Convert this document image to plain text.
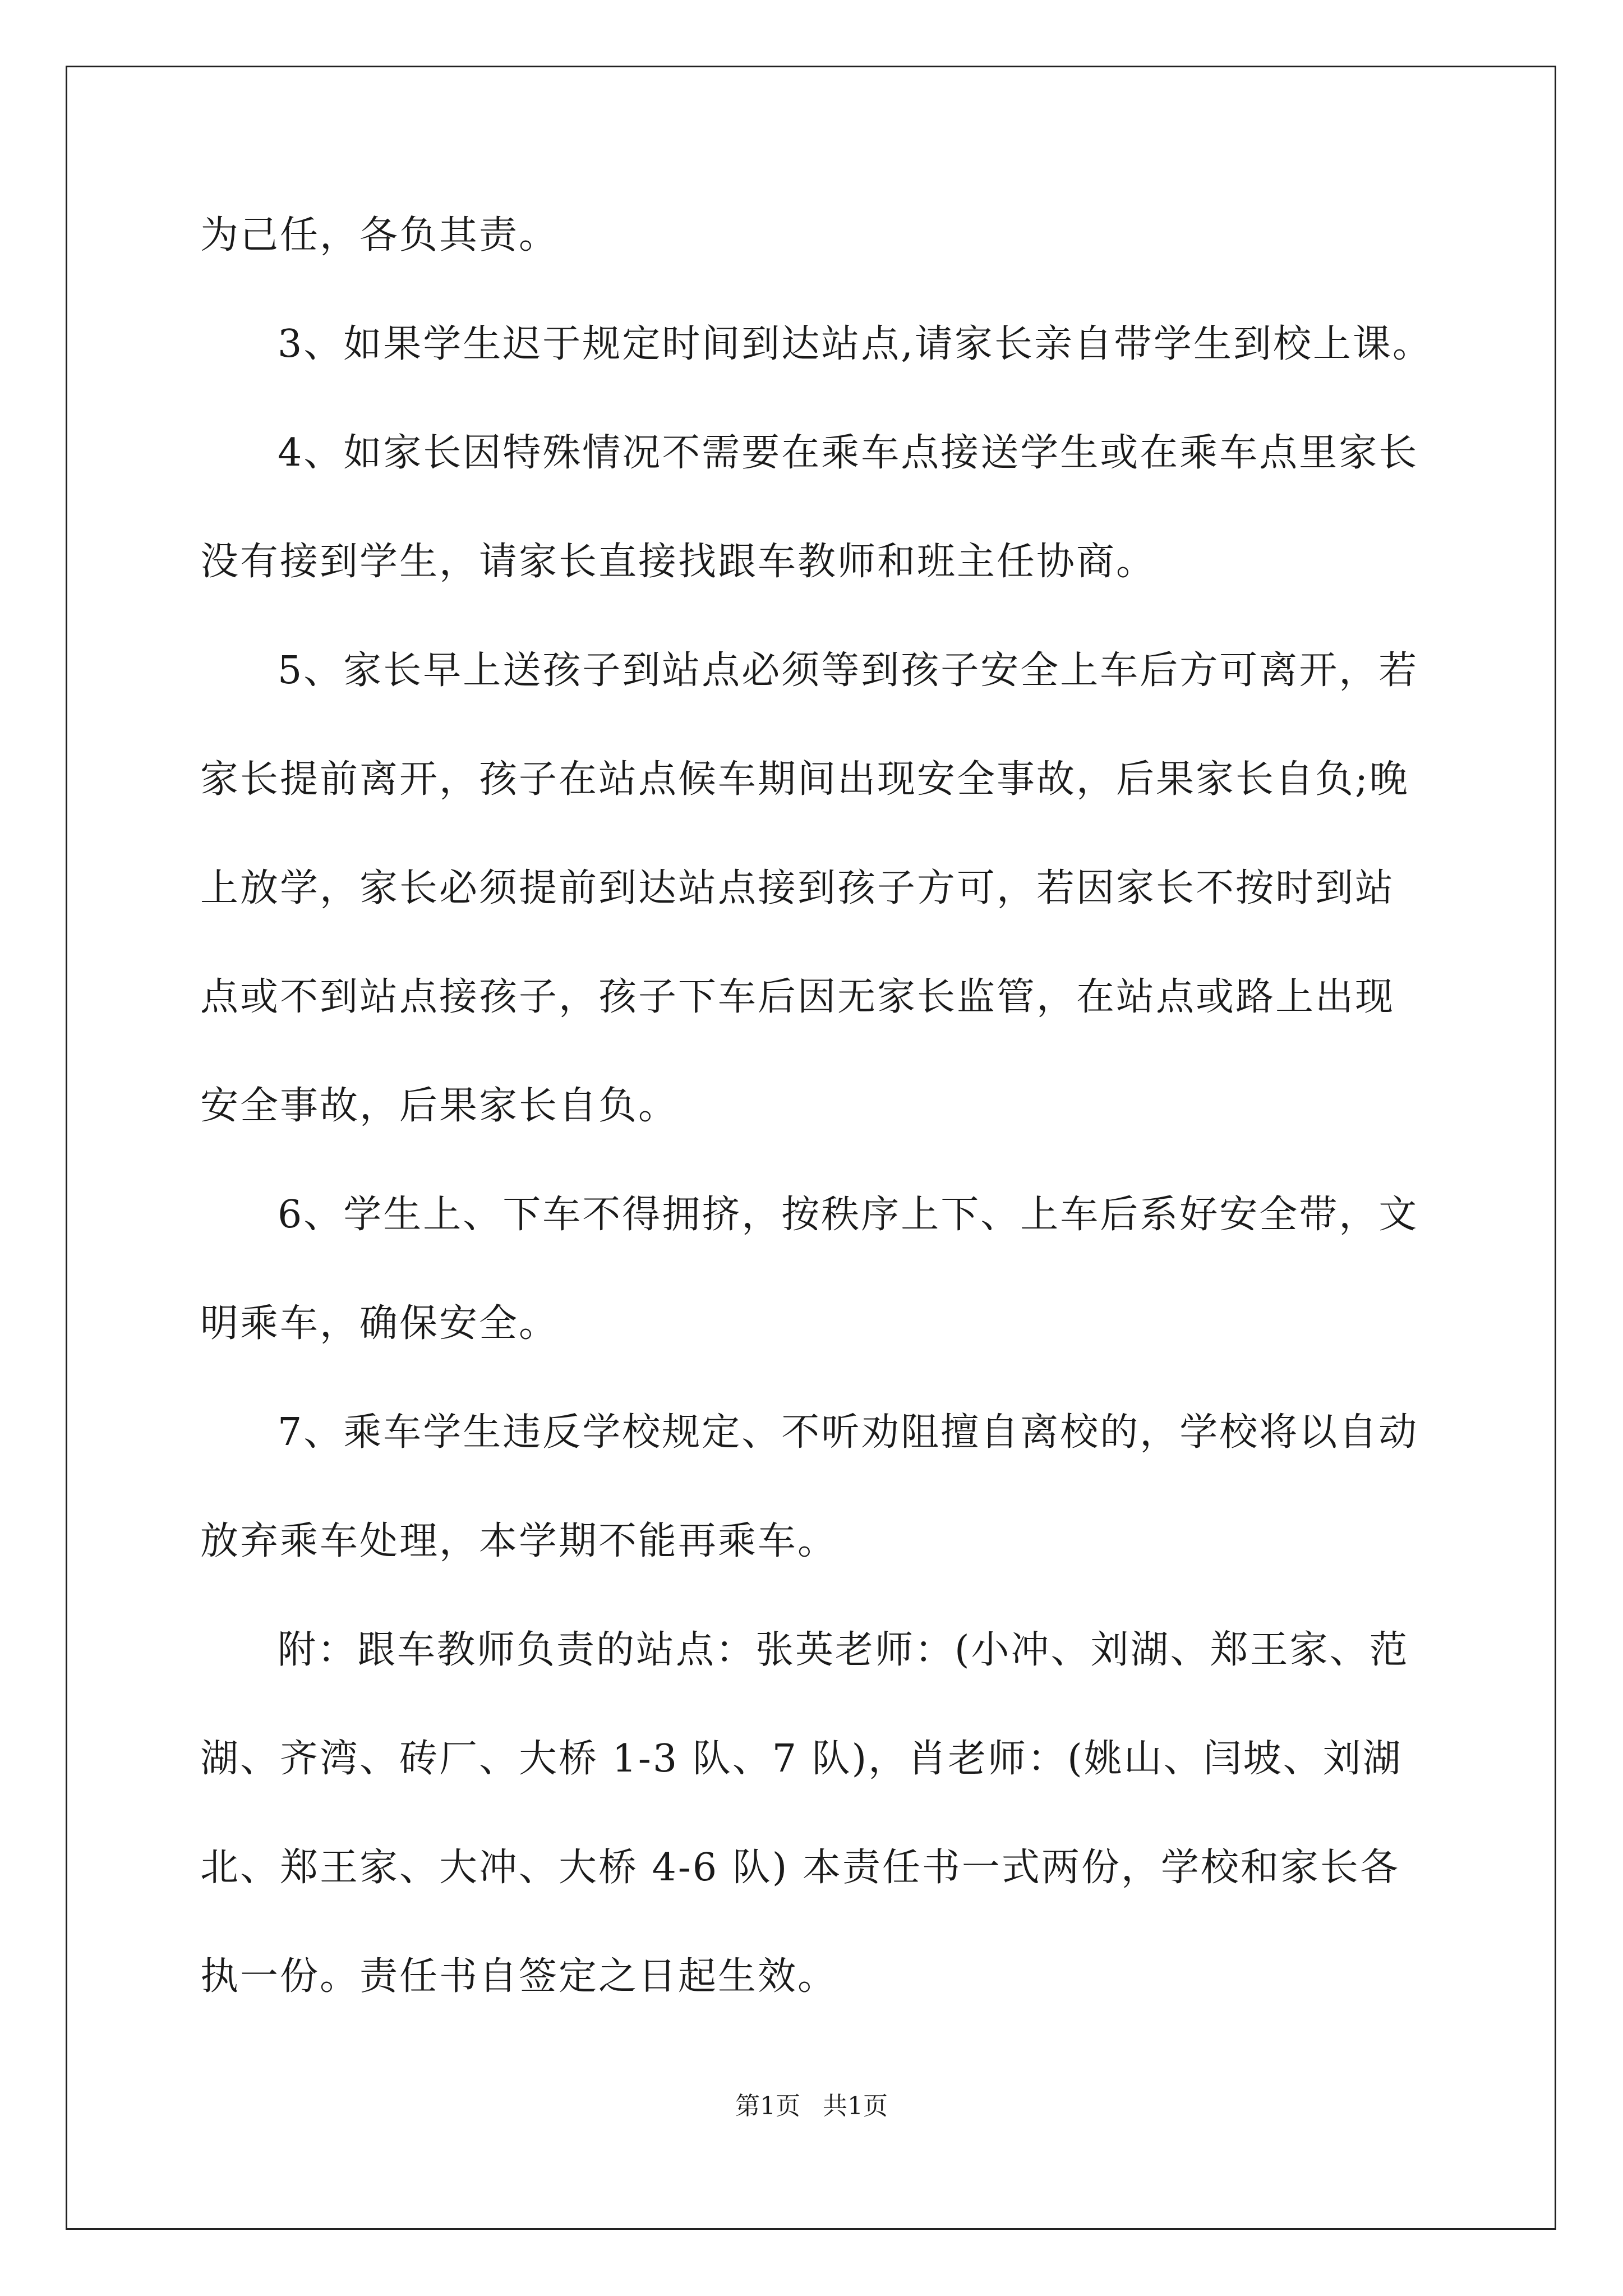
为己任，各负其责。
3、如果学生迟于规定时间到达站点,请家长亲自带学生到校上课。
4、如家长因特殊情况不需要在乘车点接送学生或在乘车点里家长
没有接到学生，请家长直接找跟车教师和班主任协商。
5、家长早上送孩子到站点必须等到孩子安全上车后方可离开，若
家长提前离开，孩子在站点候车期间出现安全事故，后果家长自负;晚
上放学，家长必须提前到达站点接到孩子方可，若因家长不按时到站
点或不到站点接孩子，孩子下车后因无家长监管，在站点或路上出现
安全事故，后果家长自负。
6、学生上、下车不得拥挤，按秩序上下、上车后系好安全带，文
明乘车，确保安全。
7、乘车学生违反学校规定、不听劝阻擅自离校的，学校将以自动
放弃乘车处理，本学期不能再乘车。
附：跟车教师负责的站点：张英老师：(小冲、刘湖、郑王家、范
湖、齐湾、砖厂、大桥 1-3 队、7 队)，肖老师：(姚山、闫坡、刘湖
北、郑王家、大冲、大桥 4-6 队) 本责任书一式两份，学校和家长各
执一份。责任书自签定之日起生效。
第1页 共1页
